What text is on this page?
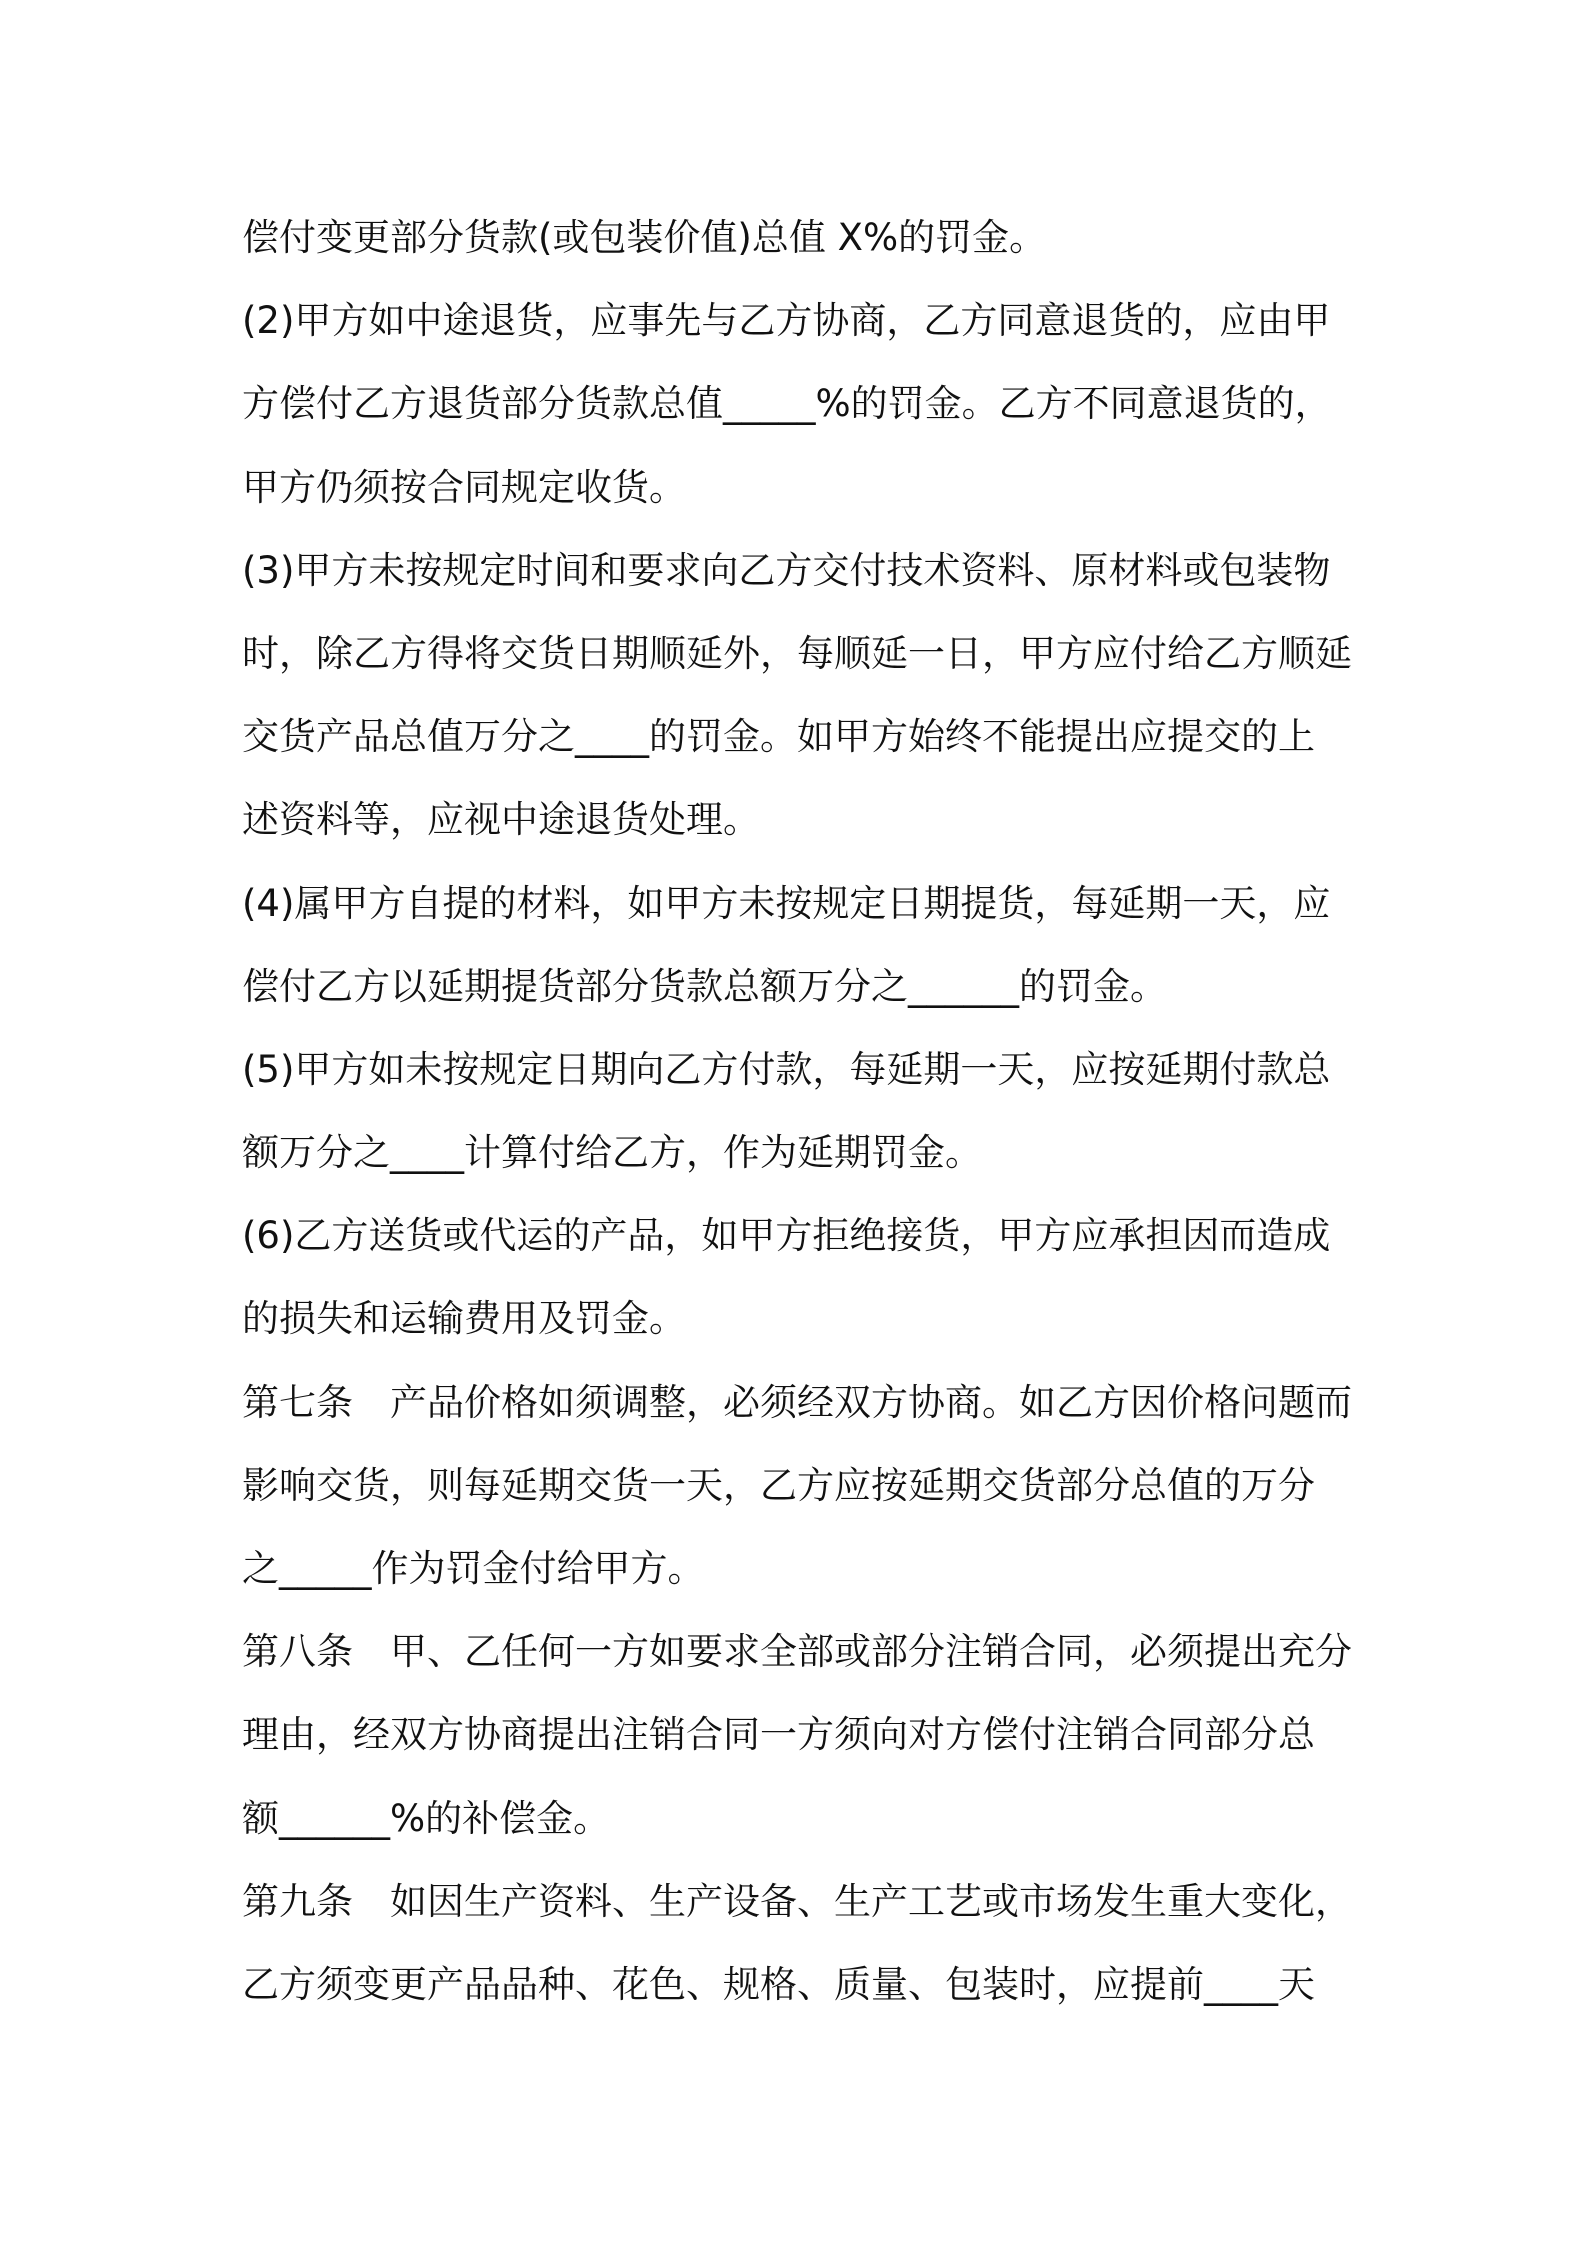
偿付变更部分货款(或包装价值)总值 X%的罚金。
(2)甲方如中途退货，应事先与乙方协商，乙方同意退货的，应由甲
方偿付乙方退货部分货款总值_____%的罚金。乙方不同意退货的，
甲方仍须按合同规定收货。
(3)甲方未按规定时间和要求向乙方交付技术资料、原材料或包装物
时，除乙方得将交货日期顺延外，每顺延一日，甲方应付给乙方顺延
交货产品总值万分之____的罚金。如甲方始终不能提出应提交的上
述资料等，应视中途退货处理。
(4)属甲方自提的材料，如甲方未按规定日期提货，每延期一天，应
偿付乙方以延期提货部分货款总额万分之______的罚金。
(5)甲方如未按规定日期向乙方付款，每延期一天，应按延期付款总
额万分之____计算付给乙方，作为延期罚金。
(6)乙方送货或代运的产品，如甲方拒绝接货，甲方应承担因而造成
的损失和运输费用及罚金。
第七条　产品价格如须调整，必须经双方协商。如乙方因价格问题而
影响交货，则每延期交货一天，乙方应按延期交货部分总值的万分
之_____作为罚金付给甲方。
第八条　甲、乙任何一方如要求全部或部分注销合同，必须提出充分
理由，经双方协商提出注销合同一方须向对方偿付注销合同部分总
额______%的补偿金。
第九条　如因生产资料、生产设备、生产工艺或市场发生重大变化，
乙方须变更产品品种、花色、规格、质量、包装时，应提前____天
